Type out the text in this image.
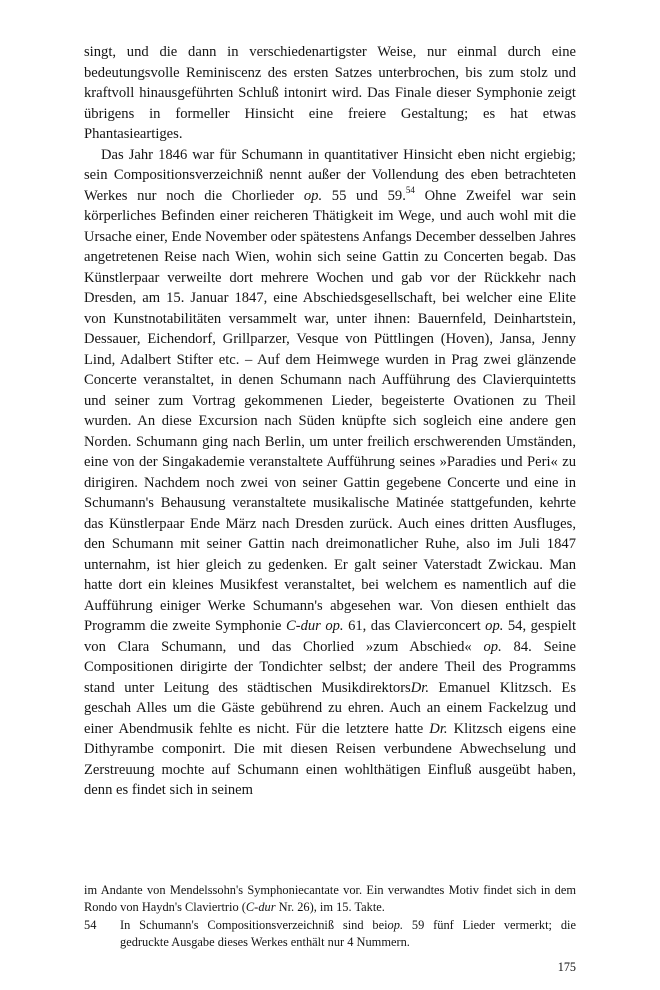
singt, und die dann in verschiedenartigster Weise, nur einmal durch eine bedeutungsvolle Reminiscenz des ersten Satzes unterbrochen, bis zum stolz und kraftvoll hinausgeführten Schluß intonirt wird. Das Finale dieser Symphonie zeigt übrigens in formeller Hinsicht eine freiere Gestaltung; es hat etwas Phantasieartiges.

Das Jahr 1846 war für Schumann in quantitativer Hinsicht eben nicht ergiebig; sein Compositionsverzeichniß nennt außer der Vollendung des eben betrachteten Werkes nur noch die Chorlieder op. 55 und 59.54 Ohne Zweifel war sein körperliches Befinden einer reicheren Thätigkeit im Wege, und auch wohl mit die Ursache einer, Ende November oder spätestens Anfangs December desselben Jahres angetretenen Reise nach Wien, wohin sich seine Gattin zu Concerten begab. Das Künstlerpaar verweilte dort mehrere Wochen und gab vor der Rückkehr nach Dresden, am 15. Januar 1847, eine Abschiedsgesellschaft, bei welcher eine Elite von Kunstnotabilitäten versammelt war, unter ihnen: Bauernfeld, Deinhartstein, Dessauer, Eichendorf, Grillparzer, Vesque von Püttlingen (Hoven), Jansa, Jenny Lind, Adalbert Stifter etc. – Auf dem Heimwege wurden in Prag zwei glänzende Concerte veranstaltet, in denen Schumann nach Aufführung des Clavierquintetts und seiner zum Vortrag gekommenen Lieder, begeisterte Ovationen zu Theil wurden. An diese Excursion nach Süden knüpfte sich sogleich eine andere gen Norden. Schumann ging nach Berlin, um unter freilich erschwerenden Umständen, eine von der Singakademie veranstaltete Aufführung seines »Paradies und Peri« zu dirigiren. Nachdem noch zwei von seiner Gattin gegebene Concerte und eine in Schumann's Behausung veranstaltete musikalische Matinée stattgefunden, kehrte das Künstlerpaar Ende März nach Dresden zurück. Auch eines dritten Ausfluges, den Schumann mit seiner Gattin nach dreimonatlicher Ruhe, also im Juli 1847 unternahm, ist hier gleich zu gedenken. Er galt seiner Vaterstadt Zwickau. Man hatte dort ein kleines Musikfest veranstaltet, bei welchem es namentlich auf die Aufführung einiger Werke Schumann's abgesehen war. Von diesen enthielt das Programm die zweite Symphonie C-dur op. 61, das Clavierconcert op. 54, gespielt von Clara Schumann, und das Chorlied »zum Abschied« op. 84. Seine Compositionen dirigirte der Tondichter selbst; der andere Theil des Programms stand unter Leitung des städtischen MusikdirektorsDr. Emanuel Klitzsch. Es geschah Alles um die Gäste gebührend zu ehren. Auch an einem Fackelzug und einer Abendmusik fehlte es nicht. Für die letztere hatte Dr. Klitzsch eigens eine Dithyrambe componirt. Die mit diesen Reisen verbundene Abwechselung und Zerstreuung mochte auf Schumann einen wohlthätigen Einfluß ausgeübt haben, denn es findet sich in seinem

im Andante von Mendelssohn's Symphoniecantate vor. Ein verwandtes Motiv findet sich in dem Rondo von Haydn's Claviertrio (C-dur Nr. 26), im 15. Takte.

54 In Schumann's Compositionsverzeichniß sind beiop. 59 fünf Lieder vermerkt; die gedruckte Ausgabe dieses Werkes enthält nur 4 Nummern.

175
